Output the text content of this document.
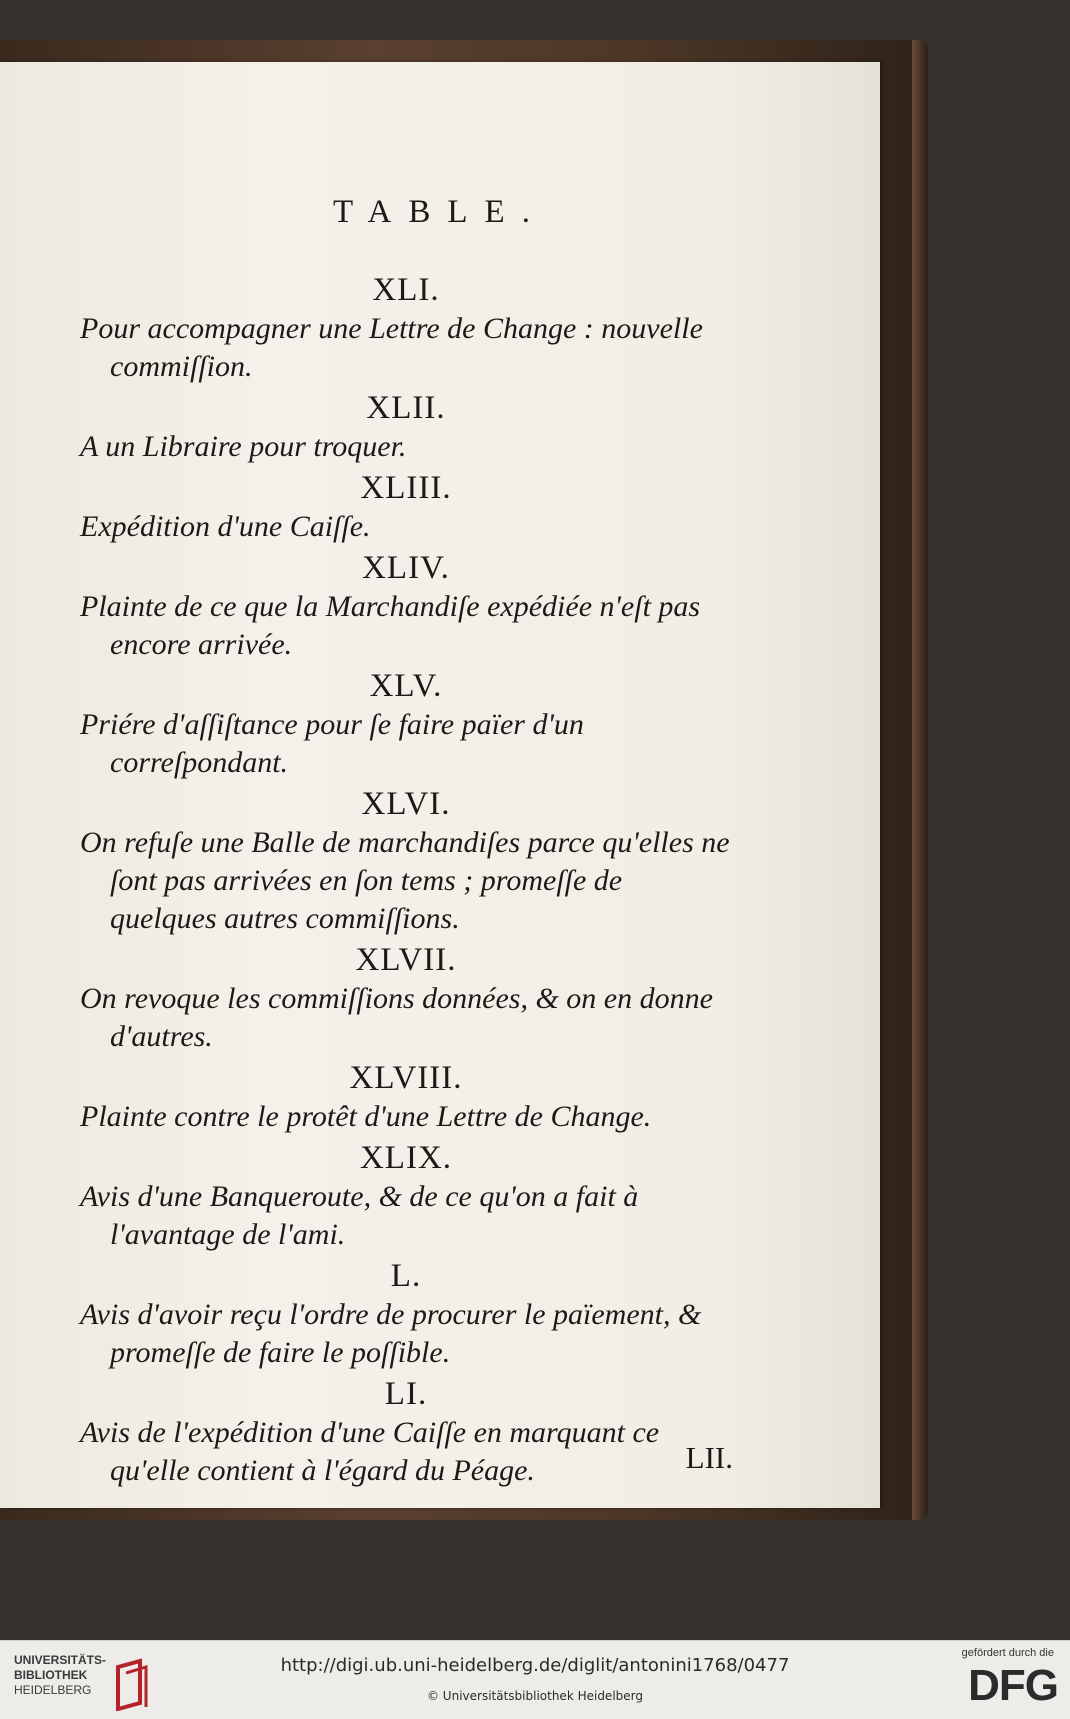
TABLE.
XLI.
Pour accompagner une Lettre de Change : nouvelle commiſſion.
XLII.
A un Libraire pour troquer.
XLIII.
Expédition d'une Caiſſe.
XLIV.
Plainte de ce que la Marchandiſe expédiée n'eſt pas encore arrivée.
XLV.
Priére d'aſſiſtance pour ſe faire païer d'un correſpondant.
XLVI.
On refuſe une Balle de marchandiſes parce qu'elles ne ſont pas arrivées en ſon tems ; promeſſe de quelques autres commiſſions.
XLVII.
On revoque les commiſſions données, & on en donne d'autres.
XLVIII.
Plainte contre le protêt d'une Lettre de Change.
XLIX.
Avis d'une Banqueroute, & de ce qu'on a fait à l'avantage de l'ami.
L.
Avis d'avoir reçu l'ordre de procurer le païement, & promeſſe de faire le poſſible.
LI.
Avis de l'expédition d'une Caiſſe en marquant ce qu'elle contient à l'égard du Péage.	LII.
UNIVERSITÄTS-
BIBLIOTHEK
HEIDELBERG
http://digi.ub.uni-heidelberg.de/diglit/antonini1768/0477
© Universitätsbibliothek Heidelberg
gefördert durch die
DFG
